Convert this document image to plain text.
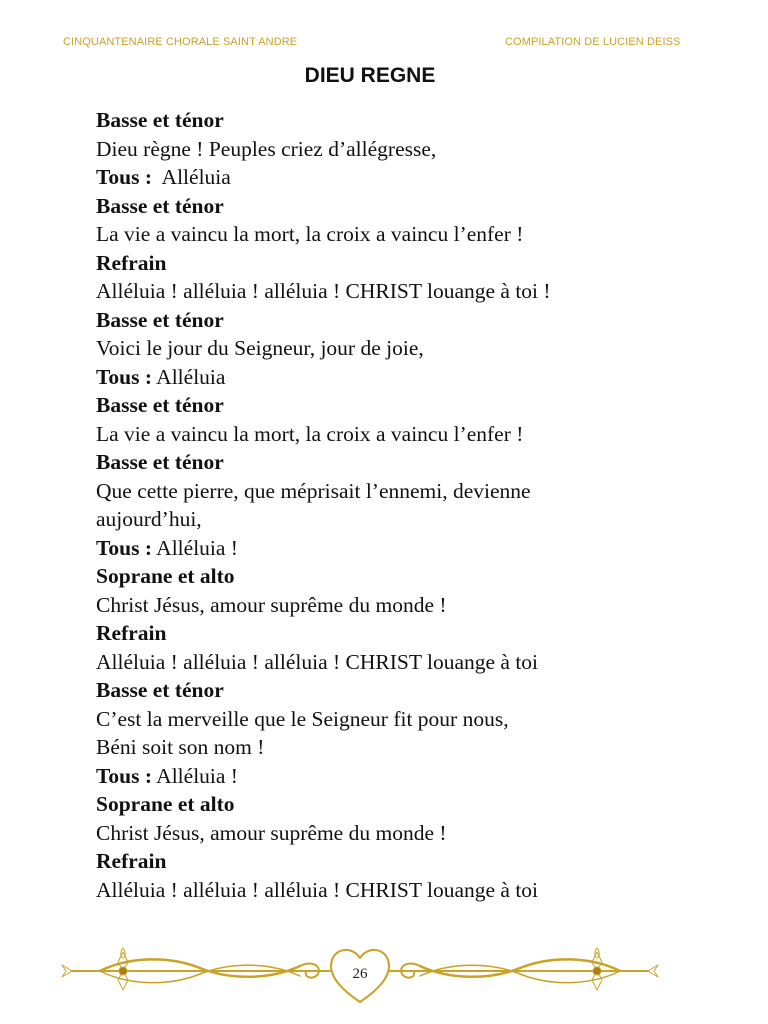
CINQUANTENAIRE CHORALE SAINT ANDRE	COMPILATION DE LUCIEN DEISS
DIEU REGNE
Basse et ténor
Dieu règne ! Peuples criez d’allégresse,
Tous :  Alléluia
Basse et ténor
La vie a vaincu la mort, la croix a vaincu l’enfer !
Refrain
Alléluia ! alléluia ! alléluia ! CHRIST louange à toi !
Basse et ténor
Voici le jour du Seigneur, jour de joie,
Tous : Alléluia
Basse et ténor
La vie a vaincu la mort, la croix a vaincu l’enfer !
Basse et ténor
Que cette pierre, que méprisait l’ennemi, devienne
aujourd’hui,
Tous : Alléluia !
Soprane et alto
Christ Jésus, amour suprême du monde !
Refrain
Alléluia ! alléluia ! alléluia ! CHRIST louange à toi
Basse et ténor
C’est la merveille que le Seigneur fit pour nous,
Béni soit son nom !
Tous : Alléluia !
Soprane et alto
Christ Jésus, amour suprême du monde !
Refrain
Alléluia ! alléluia ! alléluia ! CHRIST louange à toi
26
